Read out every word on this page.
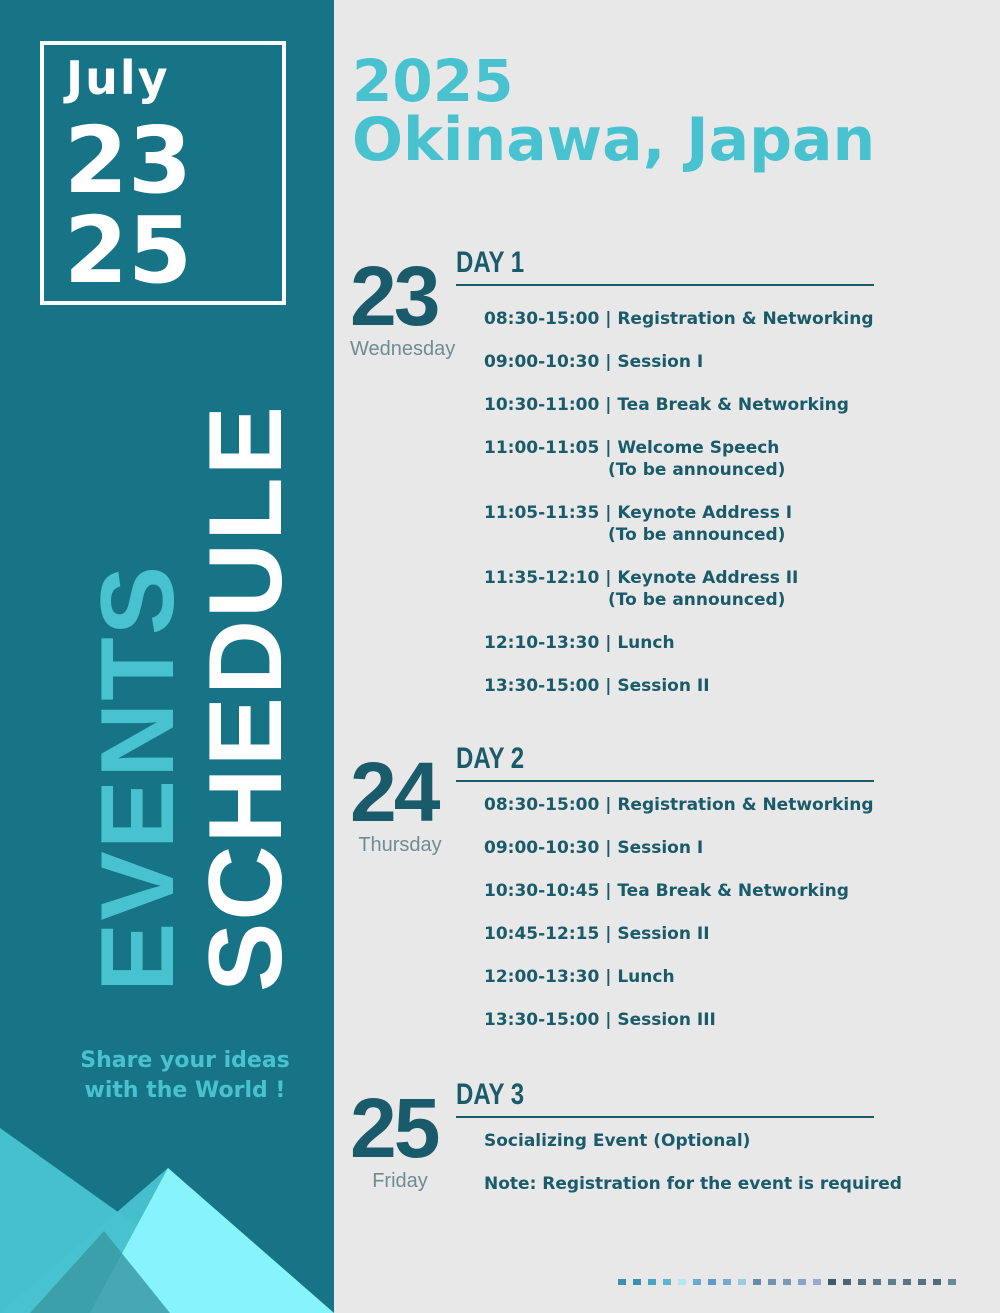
July
23
25
EVENTS
SCHEDULE
Share your ideas
with the World !
2025
Okinawa, Japan
23
Wednesday
DAY 1
08:30-15:00 | Registration & Networking
09:00-10:30 | Session I
10:30-11:00 | Tea Break & Networking
11:00-11:05 | Welcome Speech
(To be announced)
11:05-11:35 | Keynote Address I
(To be announced)
11:35-12:10 | Keynote Address II
(To be announced)
12:10-13:30 | Lunch
13:30-15:00 | Session II
24
Thursday
DAY 2
08:30-15:00 | Registration & Networking
09:00-10:30 | Session I
10:30-10:45 | Tea Break & Networking
10:45-12:15 | Session II
12:00-13:30 | Lunch
13:30-15:00 | Session III
25
Friday
DAY 3
Socializing Event (Optional)
Note: Registration for the event is required
